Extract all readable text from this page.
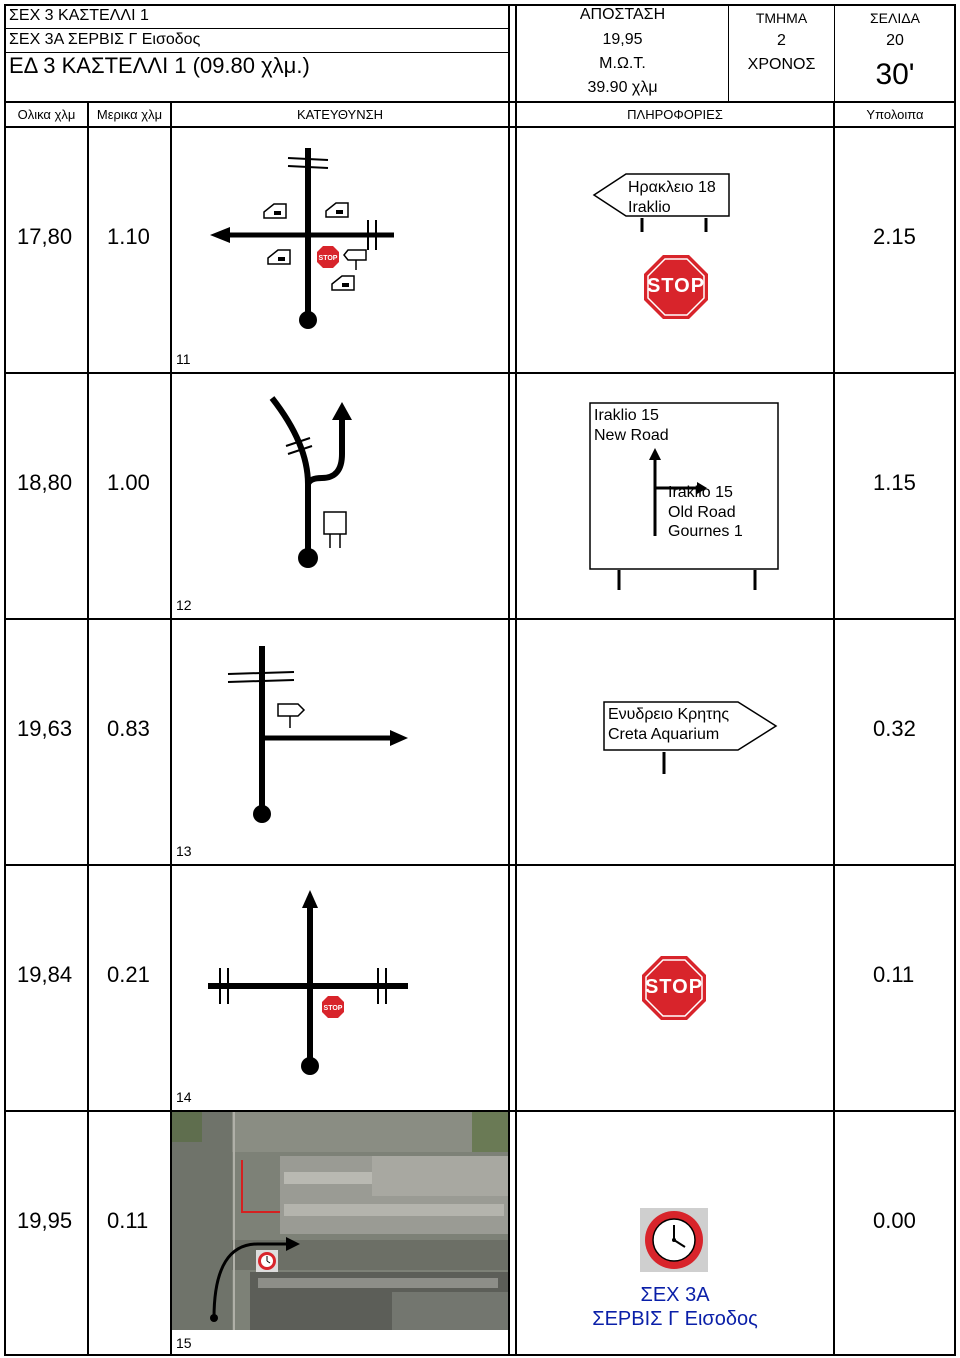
ΣΕΧ 3 ΚΑΣΤΕΛΛΙ 1
ΣΕΧ 3Α ΣΕΡΒΙΣ Γ Εισοδος
ΕΔ 3 ΚΑΣΤΕΛΛΙ 1 (09.80 χλμ.)
ΑΠΟΣΤΑΣΗ
19,95
Μ.Ω.Τ.
39.90 χλμ
ΤΜΗΜΑ
2
ΧΡΟΝΟΣ
ΣΕΛΙΔΑ
20
30'
Ολικα χλμ	Μερικα χλμ	ΚΑΤΕΥΘΥΝΣΗ	ΠΛΗΡΟΦΟΡΙΕΣ	Υπολοιπα
17,80 1.10	2.15
11
STOP
Ηρακλειο 18
Iraklio
STOP
18,80 1.00	1.15
12
Iraklio 15
New Road
Iraklio 15
Old Road
Gournes 1
19,63 0.83	0.32
13
Ενυδρειο Κρητης
Creta Aquarium
19,84 0.21	0.11
14
STOP
STOP
19,95 0.11	0.00
15
ΣΕΧ 3Α
ΣΕΡΒΙΣ Γ Εισοδος
